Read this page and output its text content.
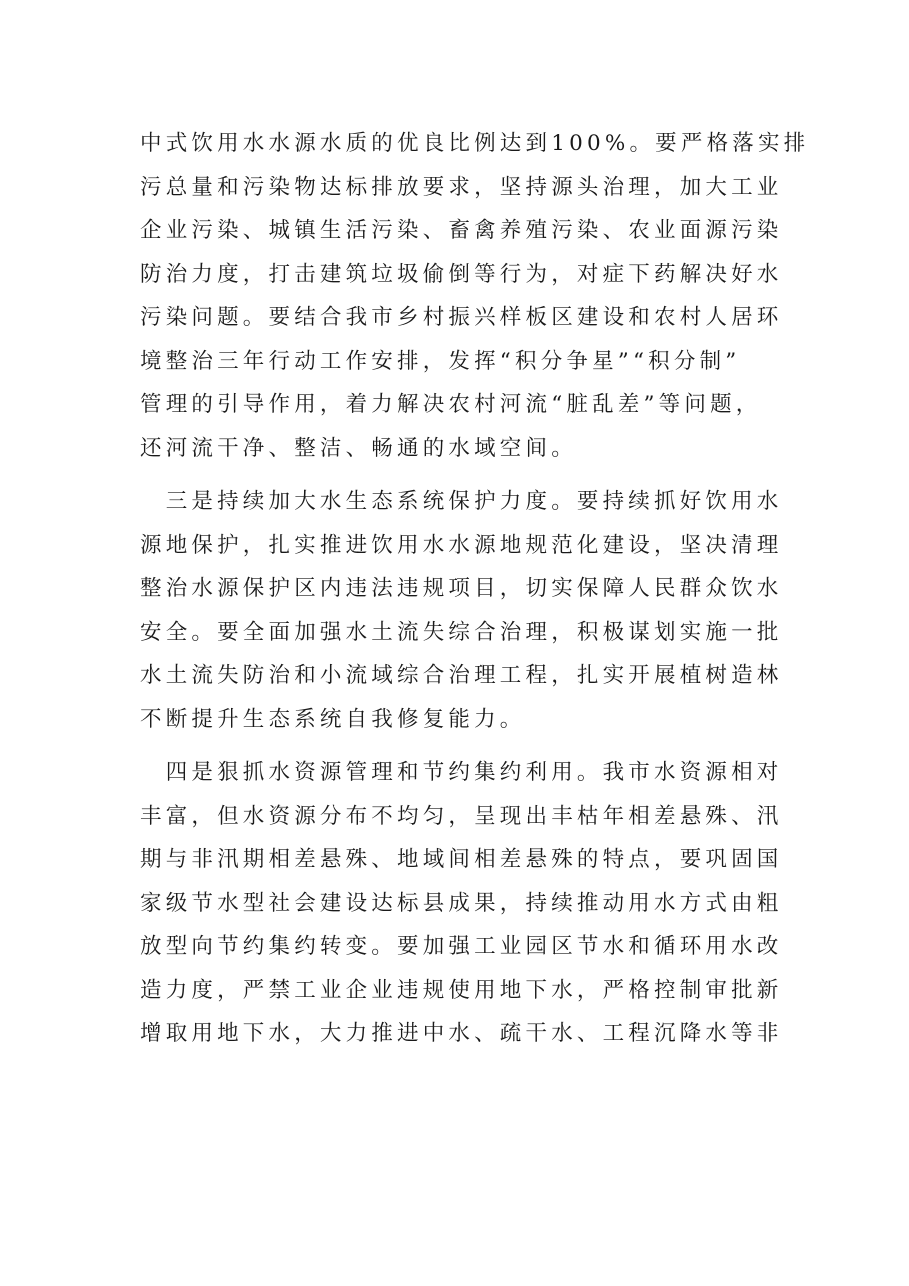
中式饮用水水源水质的优良比例达到100%。要严格落实排
污总量和污染物达标排放要求，坚持源头治理，加大工业
企业污染、城镇生活污染、畜禽养殖污染、农业面源污染
防治力度，打击建筑垃圾偷倒等行为，对症下药解决好水
污染问题。要结合我市乡村振兴样板区建设和农村人居环
境整治三年行动工作安排，发挥“积分争星”“积分制”
管理的引导作用，着力解决农村河流“脏乱差”等问题，
还河流干净、整洁、畅通的水域空间。
　三是持续加大水生态系统保护力度。要持续抓好饮用水
源地保护，扎实推进饮用水水源地规范化建设，坚决清理
整治水源保护区内违法违规项目，切实保障人民群众饮水
安全。要全面加强水土流失综合治理，积极谋划实施一批
水土流失防治和小流域综合治理工程，扎实开展植树造林
不断提升生态系统自我修复能力。
　四是狠抓水资源管理和节约集约利用。我市水资源相对
丰富，但水资源分布不均匀，呈现出丰枯年相差悬殊、汛
期与非汛期相差悬殊、地域间相差悬殊的特点，要巩固国
家级节水型社会建设达标县成果，持续推动用水方式由粗
放型向节约集约转变。要加强工业园区节水和循环用水改
造力度，严禁工业企业违规使用地下水，严格控制审批新
增取用地下水，大力推进中水、疏干水、工程沉降水等非
